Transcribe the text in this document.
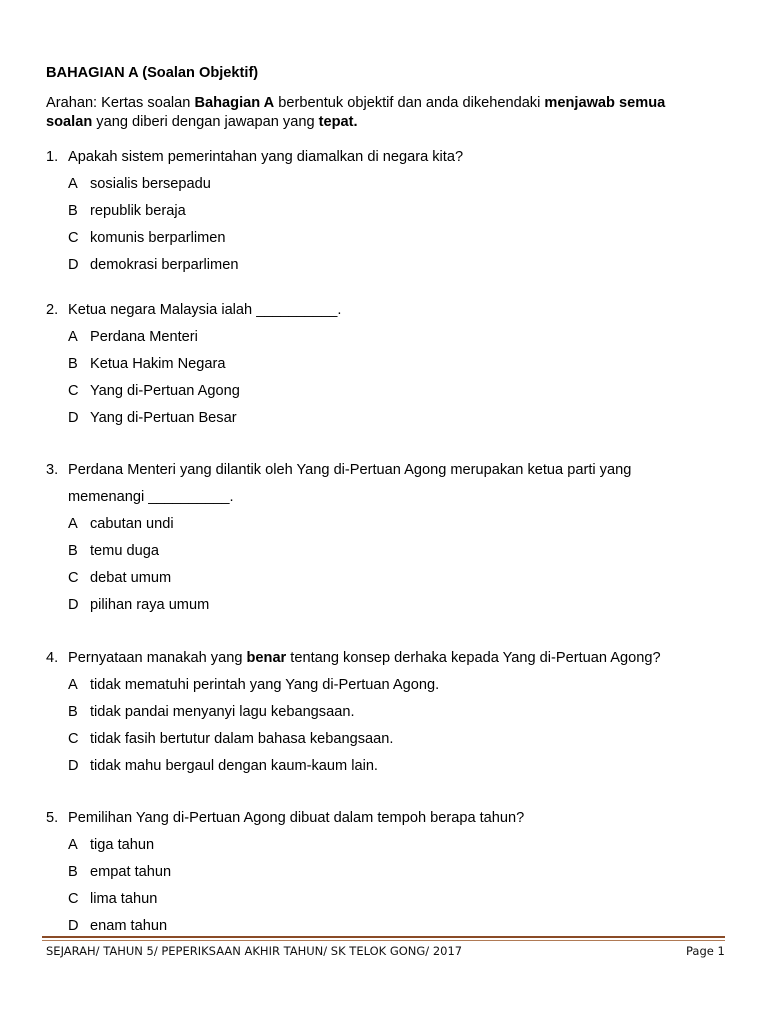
BAHAGIAN A (Soalan Objektif)
Arahan: Kertas soalan Bahagian A berbentuk objektif dan anda dikehendaki menjawab semua
soalan yang diberi dengan jawapan yang tepat.
1. Apakah sistem pemerintahan yang diamalkan di negara kita?
A sosialis bersepadu
B republik beraja
C komunis berparlimen
D demokrasi berparlimen
2. Ketua negara Malaysia ialah __________.
A Perdana Menteri
B Ketua Hakim Negara
C Yang di-Pertuan Agong
D Yang di-Pertuan Besar
3. Perdana Menteri yang dilantik oleh Yang di-Pertuan Agong merupakan ketua parti yang
memenangi __________.
A cabutan undi
B temu duga
C debat umum
D pilihan raya umum
4. Pernyataan manakah yang benar tentang konsep derhaka kepada Yang di-Pertuan Agong?
A tidak mematuhi perintah yang Yang di-Pertuan Agong.
B tidak pandai menyanyi lagu kebangsaan.
C tidak fasih bertutur dalam bahasa kebangsaan.
D tidak mahu bergaul dengan kaum-kaum lain.
5. Pemilihan Yang di-Pertuan Agong dibuat dalam tempoh berapa tahun?
A tiga tahun
B empat tahun
C lima tahun
D enam tahun
SEJARAH/ TAHUN 5/ PEPERIKSAAN AKHIR TAHUN/ SK TELOK GONG/ 2017	Page 1
